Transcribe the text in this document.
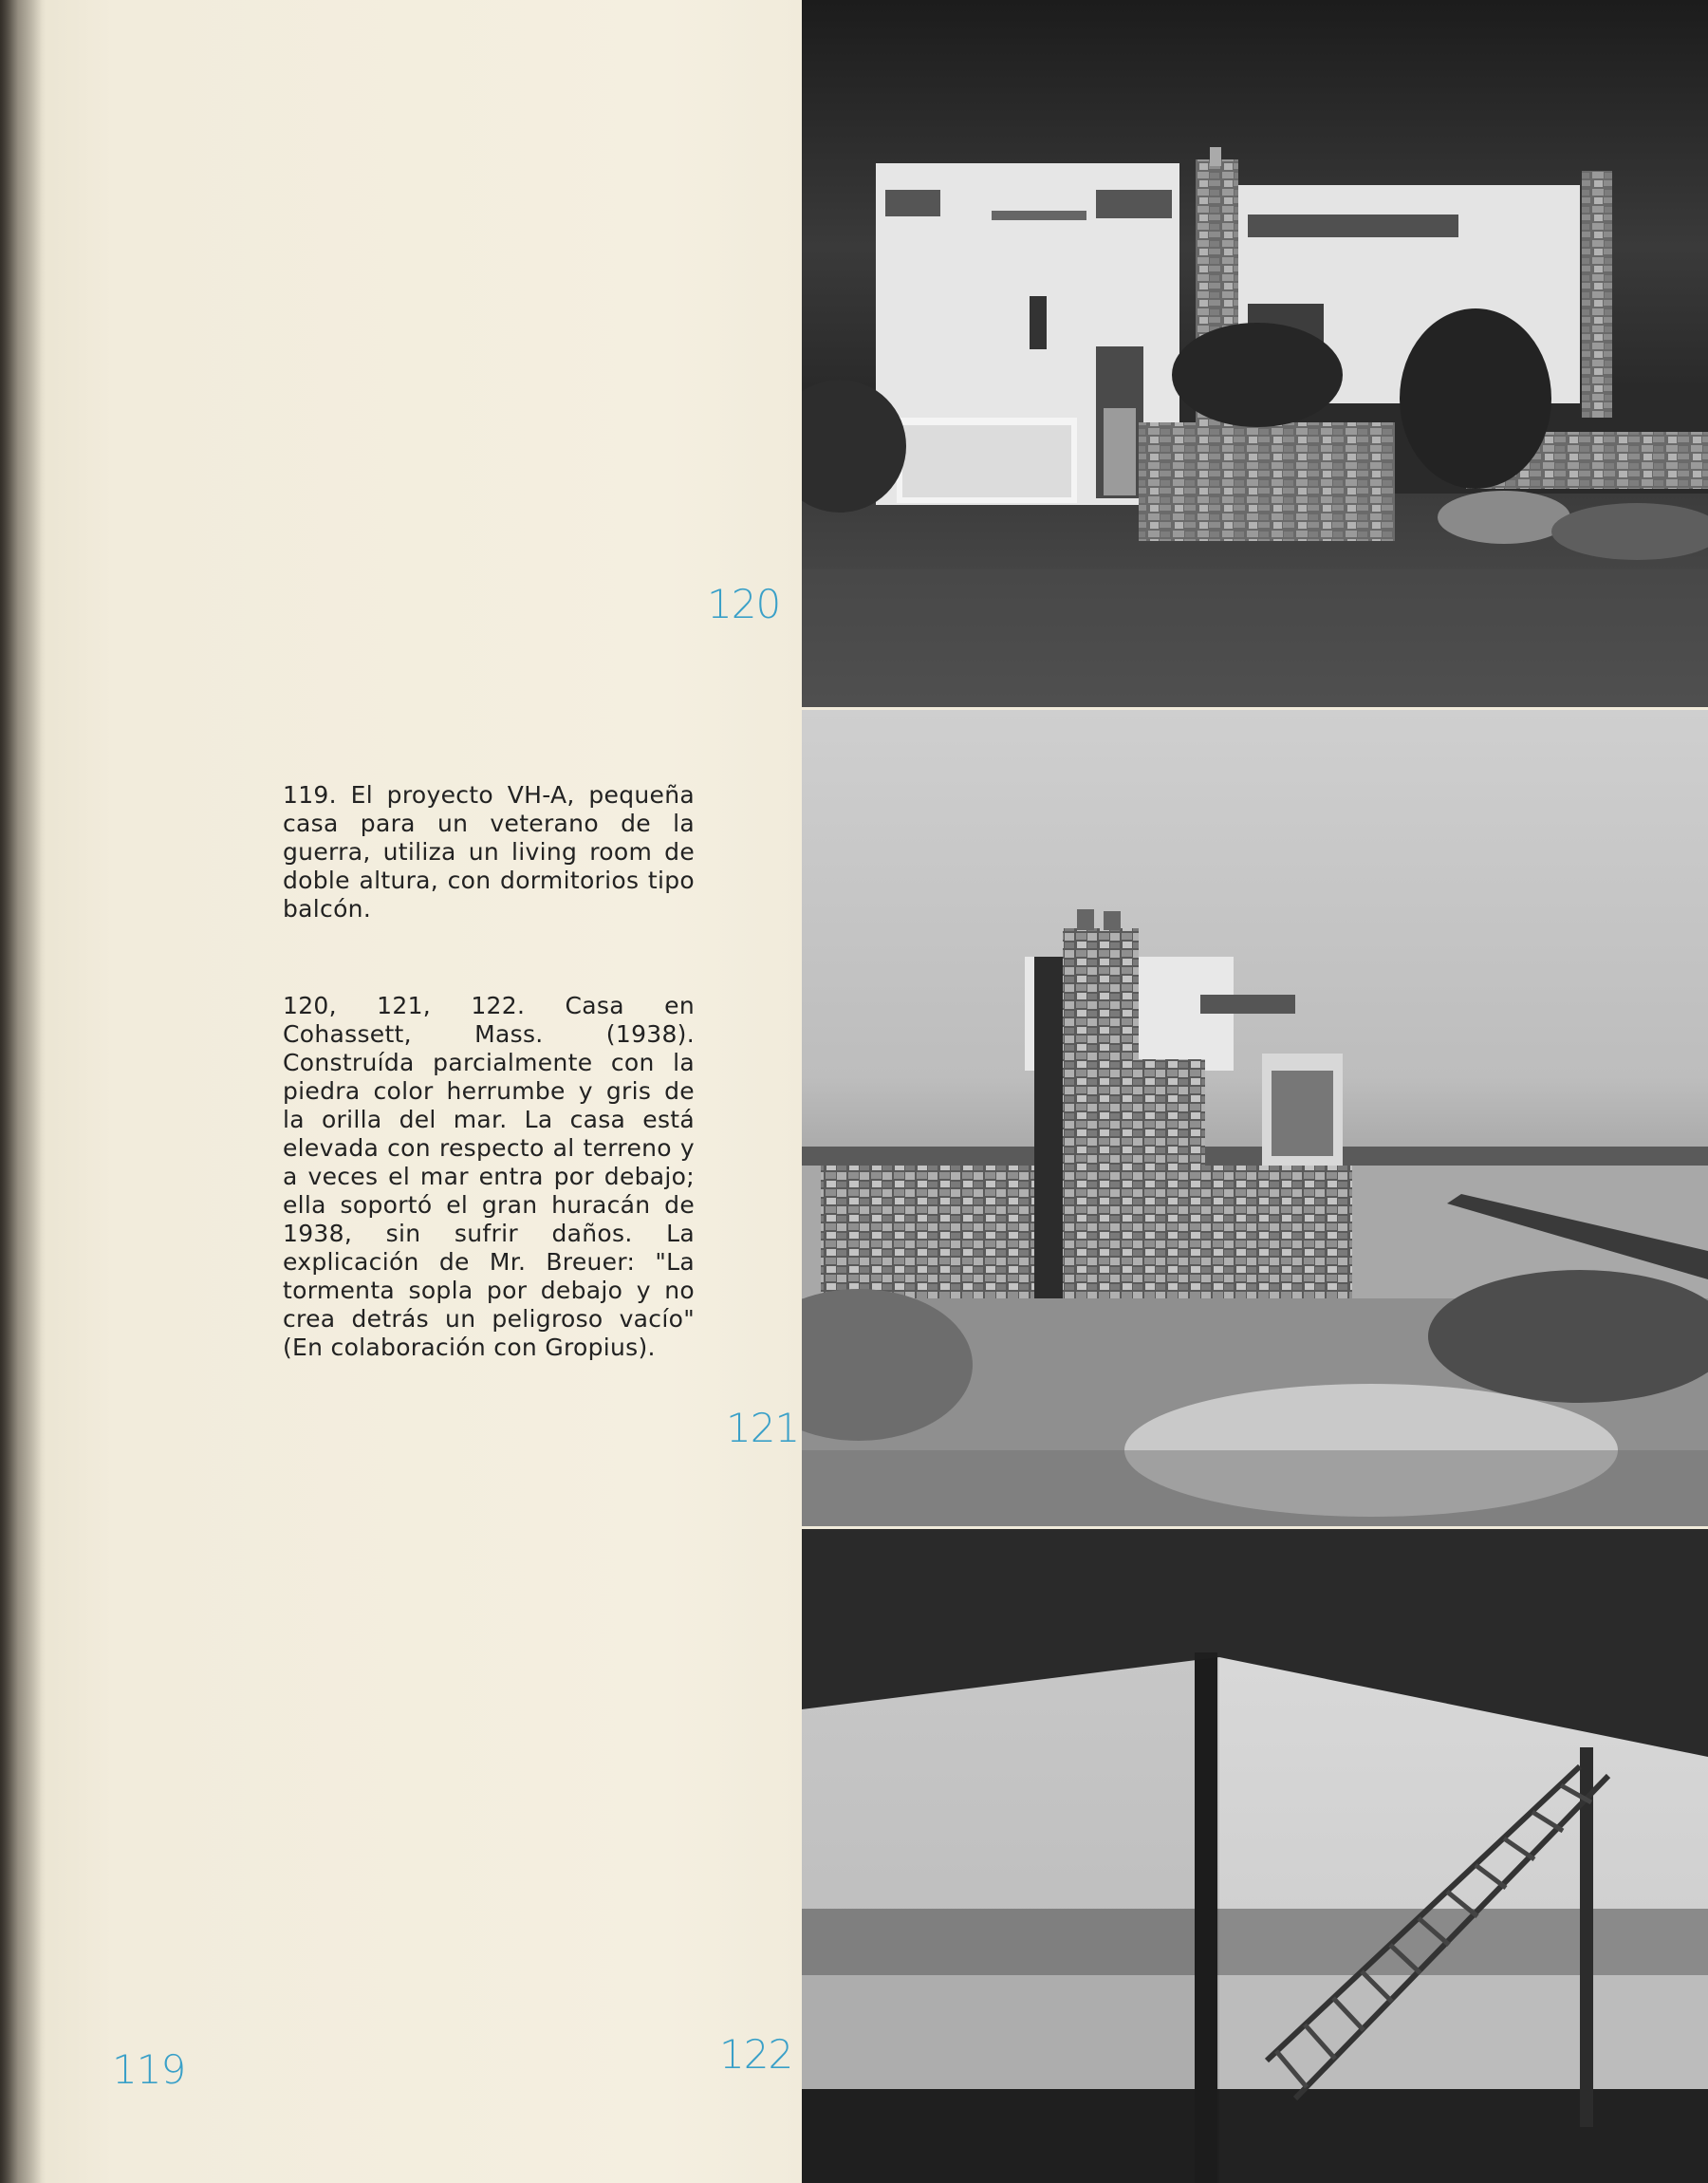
119. El proyecto VH-A, pequeña casa para un veterano de la guerra, utiliza un living room de doble altura, con dormitorios tipo balcón.

120, 121, 122. Casa en Cohassett, Mass. (1938). Construída parcialmente con la piedra color herrumbe y gris de la orilla del mar. La casa está elevada con respecto al terreno y a veces el mar entra por debajo; ella soportó el gran huracán de 1938, sin sufrir daños. La explicación de Mr. Breuer: "La tormenta sopla por debajo y no crea detrás un peligroso vacío" (En colaboración con Gropius).

120
121
122
119
